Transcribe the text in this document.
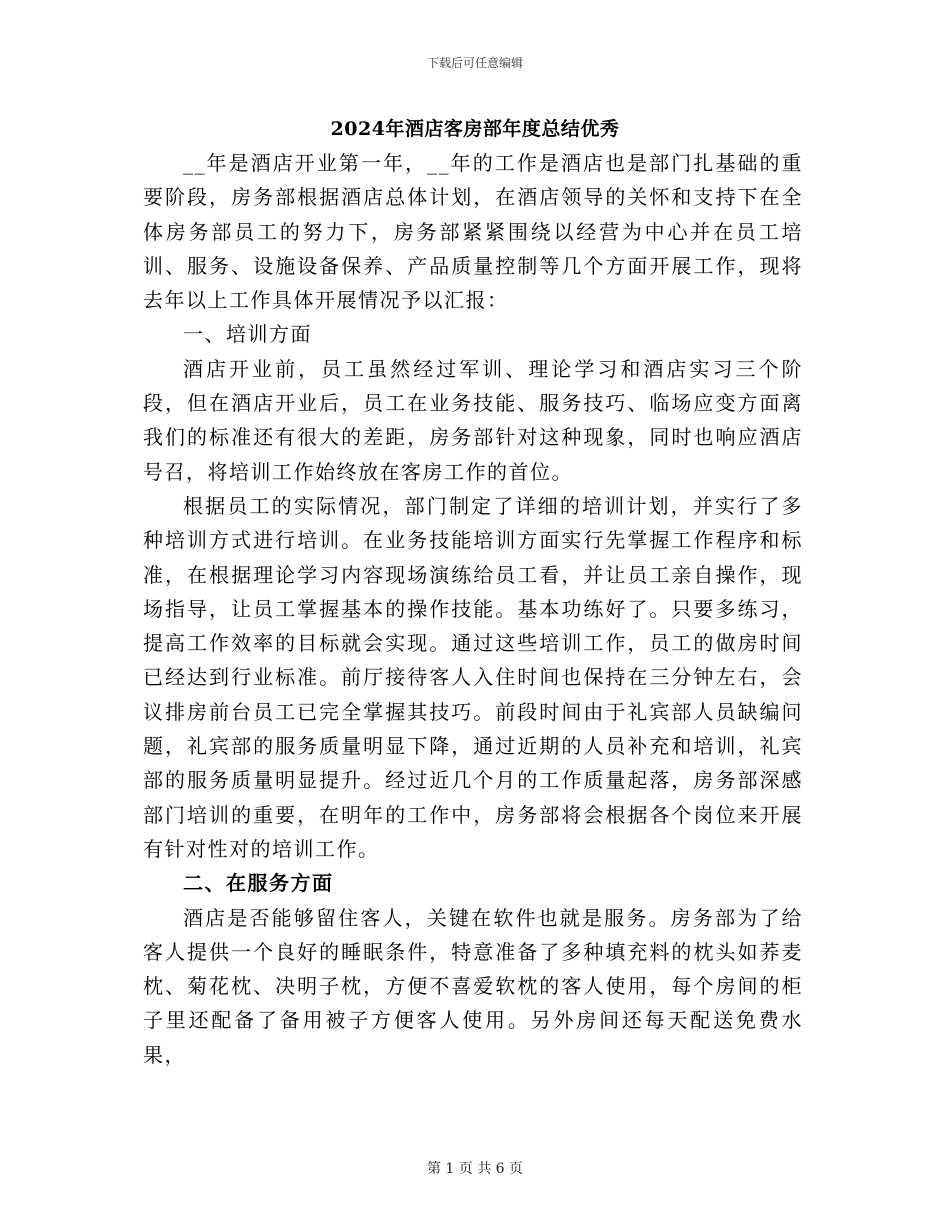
下载后可任意编辑
2024年酒店客房部年度总结优秀

__年是酒店开业第一年，__年的工作是酒店也是部门扎基础的重要阶段，房务部根据酒店总体计划，在酒店领导的关怀和支持下在全体房务部员工的努力下，房务部紧紧围绕以经营为中心并在员工培训、服务、设施设备保养、产品质量控制等几个方面开展工作，现将去年以上工作具体开展情况予以汇报：

一、培训方面

酒店开业前，员工虽然经过军训、理论学习和酒店实习三个阶段，但在酒店开业后，员工在业务技能、服务技巧、临场应变方面离我们的标准还有很大的差距，房务部针对这种现象，同时也响应酒店号召，将培训工作始终放在客房工作的首位。

根据员工的实际情况，部门制定了详细的培训计划，并实行了多种培训方式进行培训。在业务技能培训方面实行先掌握工作程序和标准，在根据理论学习内容现场演练给员工看，并让员工亲自操作，现场指导，让员工掌握基本的操作技能。基本功练好了。只要多练习，提高工作效率的目标就会实现。通过这些培训工作，员工的做房时间已经达到行业标准。前厅接待客人入住时间也保持在三分钟左右，会议排房前台员工已完全掌握其技巧。前段时间由于礼宾部人员缺编问题，礼宾部的服务质量明显下降，通过近期的人员补充和培训，礼宾部的服务质量明显提升。经过近几个月的工作质量起落，房务部深感部门培训的重要，在明年的工作中，房务部将会根据各个岗位来开展有针对性对的培训工作。

二、在服务方面

酒店是否能够留住客人，关键在软件也就是服务。房务部为了给客人提供一个良好的睡眠条件，特意准备了多种填充料的枕头如荞麦枕、菊花枕、决明子枕，方便不喜爱软枕的客人使用，每个房间的柜子里还配备了备用被子方便客人使用。另外房间还每天配送免费水果，

第 1 页 共 6 页
